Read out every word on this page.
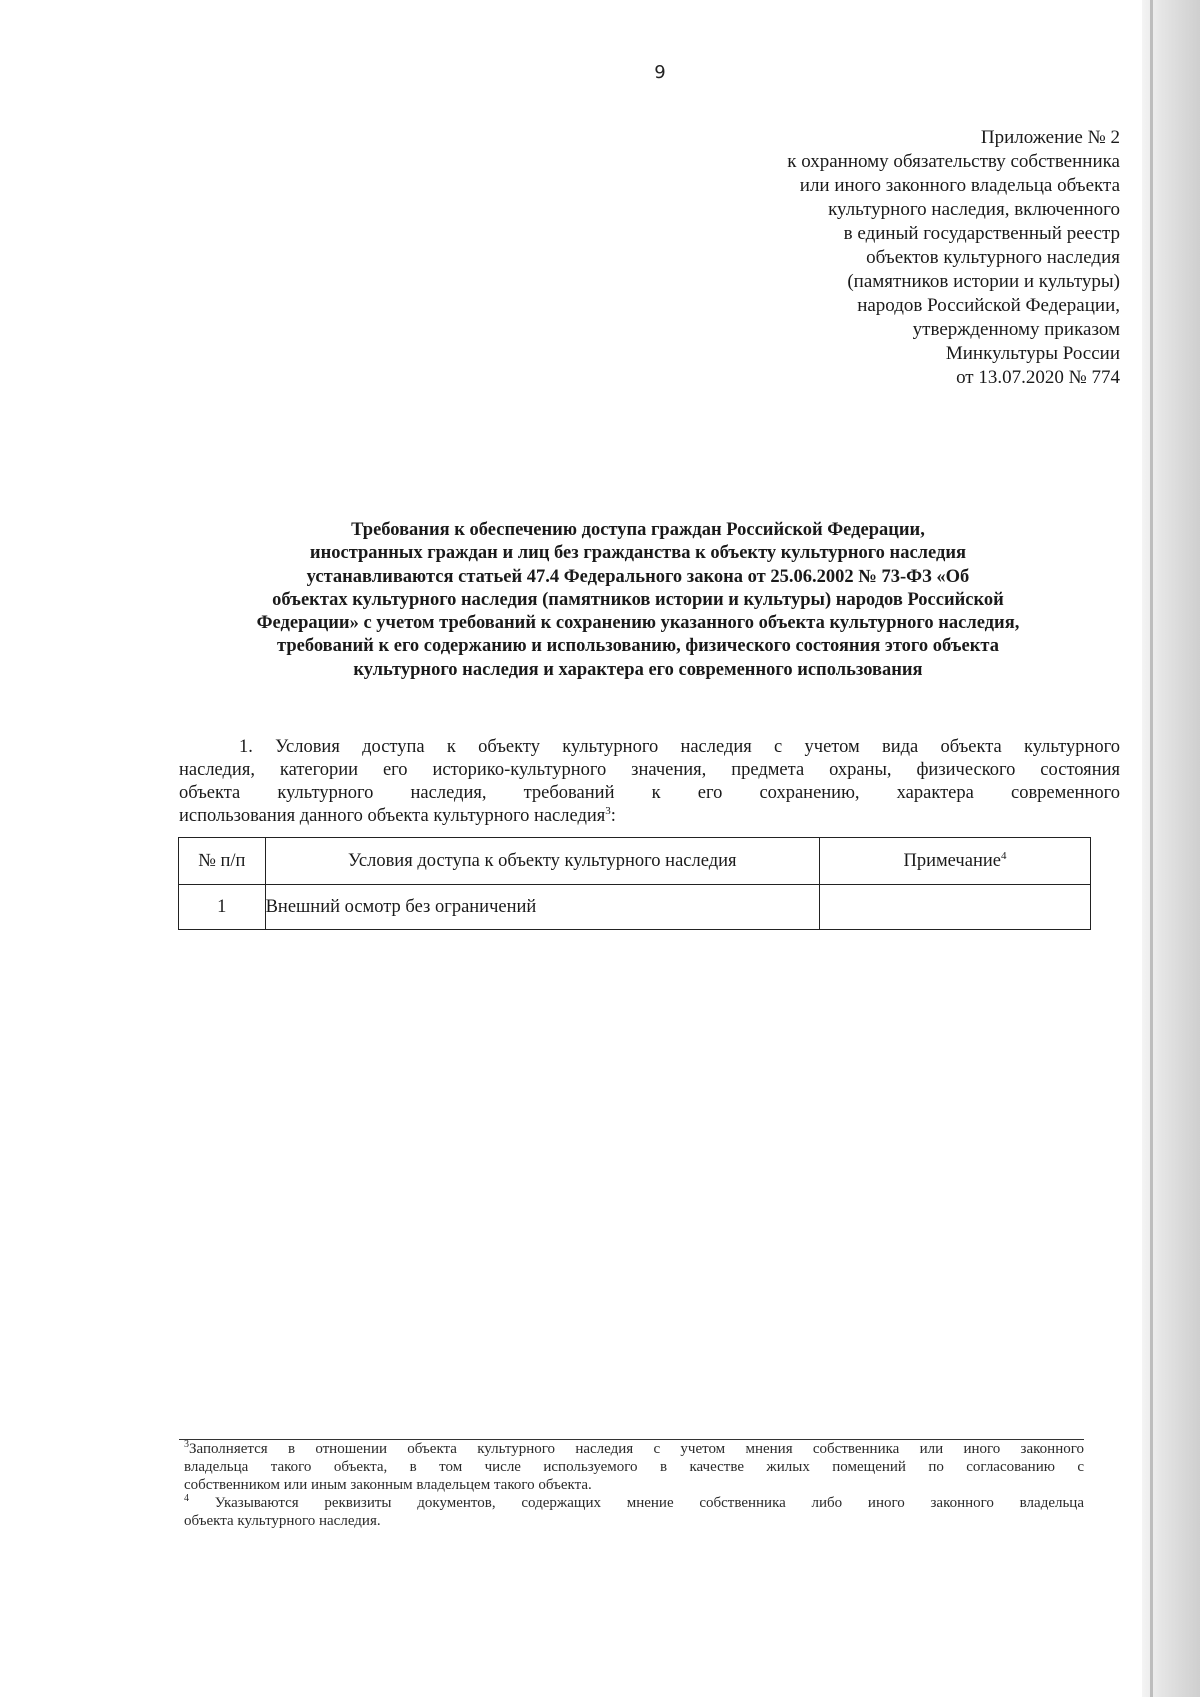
9
Приложение № 2
к охранному обязательству собственника
или иного законного владельца объекта
культурного наследия, включенного
в единый государственный реестр
объектов культурного наследия
(памятников истории и культуры)
народов Российской Федерации,
утвержденному приказом
Минкультуры России
от 13.07.2020 № 774
Требования к обеспечению доступа граждан Российской Федерации,
иностранных граждан и лиц без гражданства к объекту культурного наследия
устанавливаются статьей 47.4 Федерального закона от 25.06.2002 № 73-ФЗ «Об
объектах культурного наследия (памятников истории и культуры) народов Российской
Федерации» с учетом требований к сохранению указанного объекта культурного наследия,
требований к его содержанию и использованию, физического состояния этого объекта
культурного наследия и характера его современного использования
1. Условия доступа к объекту культурного наследия с учетом вида объекта культурного
наследия, категории его историко-культурного значения, предмета охраны, физического состояния
объекта культурного наследия, требований к его сохранению, характера современного
использования данного объекта культурного наследия$^3$:
№ п/п	Условия доступа к объекту культурного наследия	Примечание$^4$
1	Внешний осмотр без ограничений	
$^3$Заполняется в отношении объекта культурного наследия с учетом мнения собственника или иного законного
владельца такого объекта, в том числе используемого в качестве жилых помещений по согласованию с
собственником или иным законным владельцем такого объекта.
$^4$ Указываются реквизиты документов, содержащих мнение собственника либо иного законного владельца
объекта культурного наследия.
